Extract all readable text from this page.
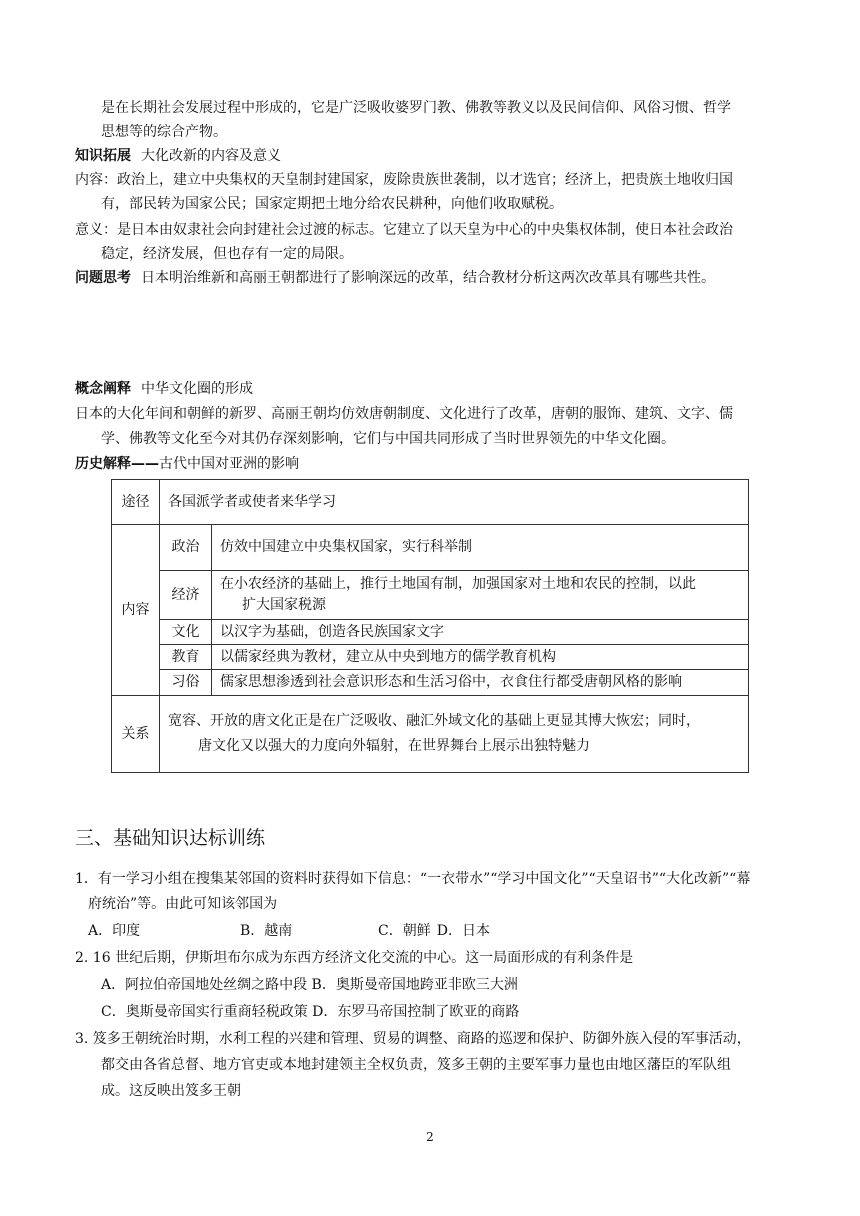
是在长期社会发展过程中形成的，它是广泛吸收婆罗门教、佛教等教义以及民间信仰、风俗习惯、哲学
思想等的综合产物。
知识拓展 大化改新的内容及意义
内容：政治上，建立中央集权的天皇制封建国家，废除贵族世袭制，以才选官；经济上，把贵族土地收归国
有，部民转为国家公民；国家定期把土地分给农民耕种，向他们收取赋税。
意义：是日本由奴隶社会向封建社会过渡的标志。它建立了以天皇为中心的中央集权体制，使日本社会政治
稳定，经济发展，但也存有一定的局限。
问题思考 日本明治维新和高丽王朝都进行了影响深远的改革，结合教材分析这两次改革具有哪些共性。
概念阐释 中华文化圈的形成
日本的大化年间和朝鲜的新罗、高丽王朝均仿效唐朝制度、文化进行了改革，唐朝的服饰、建筑、文字、儒
学、佛教等文化至今对其仍存深刻影响，它们与中国共同形成了当时世界领先的中华文化圈。
历史解释——古代中国对亚洲的影响
途径	各国派学者或使者来华学习	
内容	政治	仿效中国建立中央集权国家，实行科举制
	经济	在小农经济的基础上，推行土地国有制，加强国家对土地和农民的控制，以此
扩大国家税源

	文化	以汉字为基础，创造各民族国家文字
	教育	以儒家经典为教材，建立从中央到地方的儒学教育机构
	习俗	儒家思想渗透到社会意识形态和生活习俗中，衣食住行都受唐朝风格的影响
关系	宽容、开放的唐文化正是在广泛吸收、融汇外域文化的基础上更显其博大恢宏；同时，
唐文化又以强大的力度向外辐射，在世界舞台上展示出独特魅力	
三、基础知识达标训练
1．有一学习小组在搜集某邻国的资料时获得如下信息：“一衣带水”“学习中国文化”“天皇诏书”“大化改新”“幕
府统治”等。由此可知该邻国为
A．印度	B．越南	C．朝鲜 D．日本
2. 16 世纪后期，伊斯坦布尔成为东西方经济文化交流的中心。这一局面形成的有利条件是
A．阿拉伯帝国地处丝绸之路中段 B．奥斯曼帝国地跨亚非欧三大洲
C．奥斯曼帝国实行重商轻税政策 D．东罗马帝国控制了欧亚的商路
3. 笈多王朝统治时期，水利工程的兴建和管理、贸易的调整、商路的巡逻和保护、防御外族入侵的军事活动，
都交由各省总督、地方官吏或本地封建领主全权负责，笈多王朝的主要军事力量也由地区藩臣的军队组
成。这反映出笈多王朝
2
